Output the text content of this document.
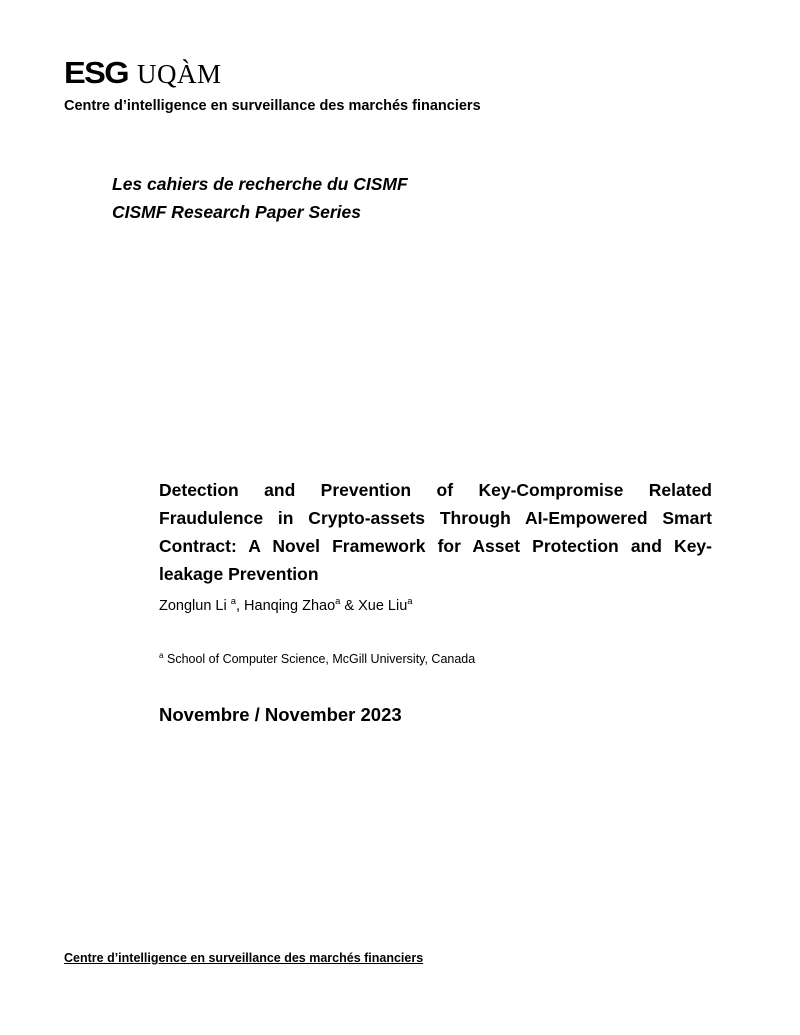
ESG UQÀM
Centre d’intelligence en surveillance des marchés financiers
Les cahiers de recherche du CISMF
CISMF Research Paper Series
Detection and Prevention of Key-Compromise Related Fraudulence in Crypto-assets Through AI-Empowered Smart Contract: A Novel Framework for Asset Protection and Key-leakage Prevention
Zonglun Li $^a$, Hanqing Zhao$^a$ & Xue Liu$^a$
$^a$ School of Computer Science, McGill University, Canada
Novembre / November 2023
Centre d’intelligence en surveillance des marchés financiers
